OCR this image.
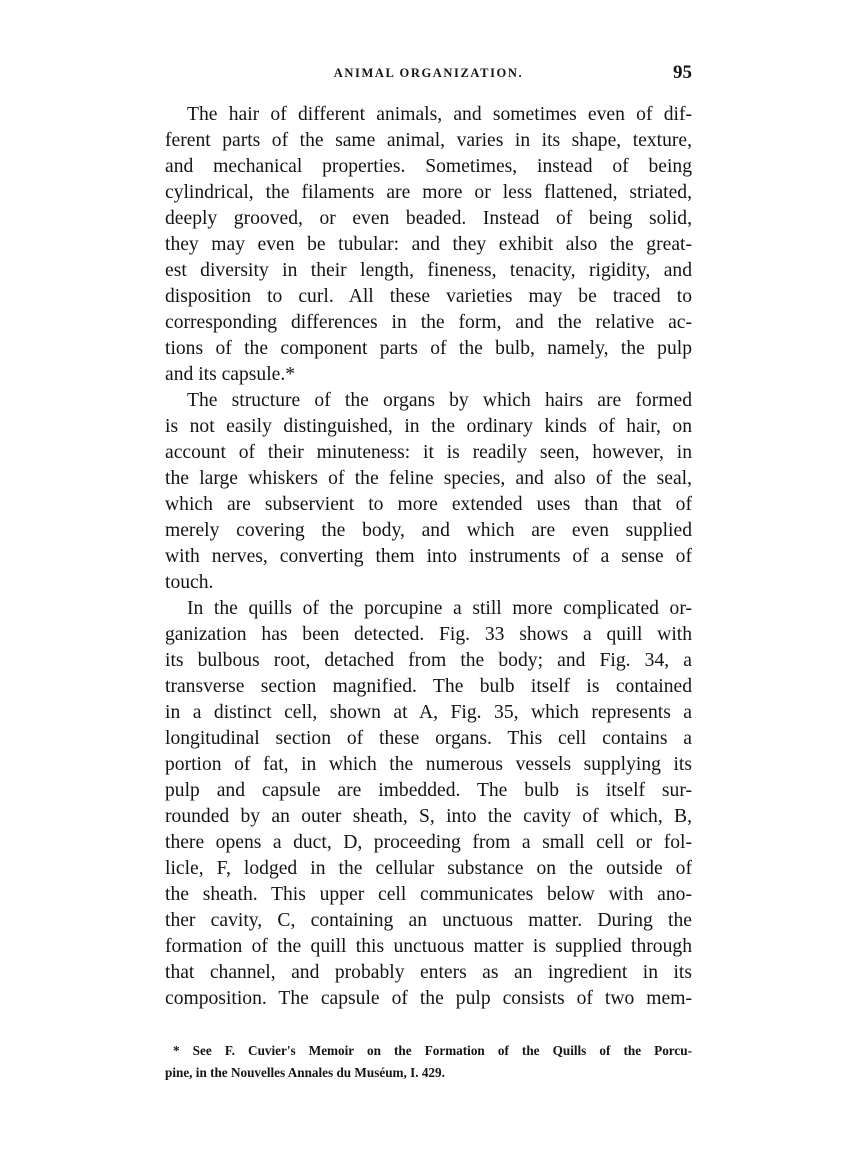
ANIMAL ORGANIZATION.	95
The hair of different animals, and sometimes even of dif-
ferent parts of the same animal, varies in its shape, texture,
and mechanical properties. Sometimes, instead of being
cylindrical, the filaments are more or less flattened, striated,
deeply grooved, or even beaded. Instead of being solid,
they may even be tubular: and they exhibit also the great-
est diversity in their length, fineness, tenacity, rigidity, and
disposition to curl. All these varieties may be traced to
corresponding differences in the form, and the relative ac-
tions of the component parts of the bulb, namely, the pulp
and its capsule.*
The structure of the organs by which hairs are formed
is not easily distinguished, in the ordinary kinds of hair, on
account of their minuteness: it is readily seen, however, in
the large whiskers of the feline species, and also of the seal,
which are subservient to more extended uses than that of
merely covering the body, and which are even supplied
with nerves, converting them into instruments of a sense of
touch.
In the quills of the porcupine a still more complicated or-
ganization has been detected. Fig. 33 shows a quill with
its bulbous root, detached from the body; and Fig. 34, a
transverse section magnified. The bulb itself is contained
in a distinct cell, shown at A, Fig. 35, which represents a
longitudinal section of these organs. This cell contains a
portion of fat, in which the numerous vessels supplying its
pulp and capsule are imbedded. The bulb is itself sur-
rounded by an outer sheath, S, into the cavity of which, B,
there opens a duct, D, proceeding from a small cell or fol-
licle, F, lodged in the cellular substance on the outside of
the sheath. This upper cell communicates below with ano-
ther cavity, C, containing an unctuous matter. During the
formation of the quill this unctuous matter is supplied through
that channel, and probably enters as an ingredient in its
composition. The capsule of the pulp consists of two mem-
* See F. Cuvier's Memoir on the Formation of the Quills of the Porcu-
pine, in the Nouvelles Annales du Muséum, I. 429.
